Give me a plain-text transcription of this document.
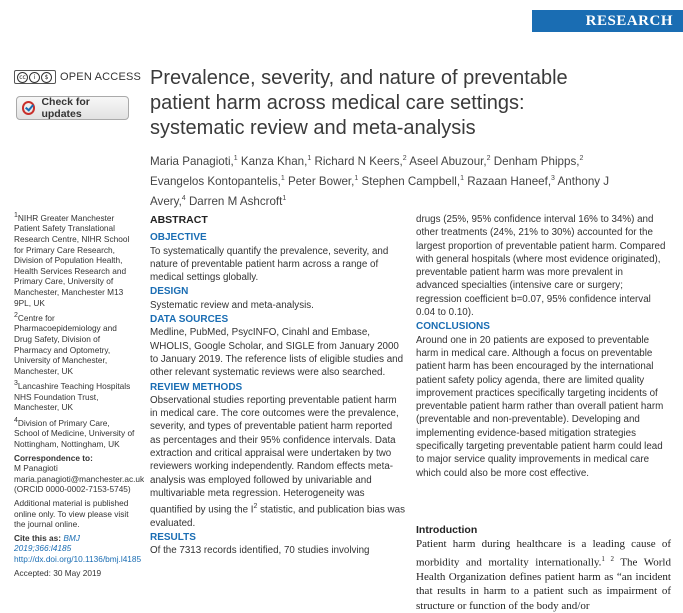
RESEARCH
cc	i	$	OPEN ACCESS
Check for updates
Prevalence, severity, and nature of preventable patient harm across medical care settings: systematic review and meta-analysis
Maria Panagioti,$^1$ Kanza Khan,$^1$ Richard N Keers,$^2$ Aseel Abuzour,$^2$ Denham Phipps,$^2$ Evangelos Kontopantelis,$^1$ Peter Bower,$^1$ Stephen Campbell,$^1$ Razaan Haneef,$^3$ Anthony J Avery,$^4$ Darren M Ashcroft$^1$

$^1$NIHR Greater Manchester Patient Safety Translational Research Centre, NIHR School for Primary Care Research, Division of Population Health, Health Services Research and Primary Care, University of Manchester, Manchester M13 9PL, UK

$^2$Centre for Pharmacoepidemiology and Drug Safety, Division of Pharmacy and Optometry, University of Manchester, Manchester, UK

$^3$Lancashire Teaching Hospitals NHS Foundation Trust, Manchester, UK

$^4$Division of Primary Care, School of Medicine, University of Nottingham, Nottingham, UK

Correspondence to:

M Panagioti maria.panagioti@manchester.ac.uk

(ORCID 0000-0002-7153-5745)

Additional material is published online only. To view please visit the journal online.

Cite this as: BMJ 2019;366:l4185

http://dx.doi.org/10.1136/bmj.l4185

Accepted: 30 May 2019

ABSTRACT

OBJECTIVE

To systematically quantify the prevalence, severity, and nature of preventable patient harm across a range of medical settings globally.

DESIGN

Systematic review and meta-analysis.

DATA SOURCES

Medline, PubMed, PsycINFO, Cinahl and Embase, WHOLIS, Google Scholar, and SIGLE from January 2000 to January 2019. The reference lists of eligible studies and other relevant systematic reviews were also searched.

REVIEW METHODS

Observational studies reporting preventable patient harm in medical care. The core outcomes were the prevalence, severity, and types of preventable patient harm reported as percentages and their 95% confidence intervals. Data extraction and critical appraisal were undertaken by two reviewers working independently. Random effects meta-analysis was employed followed by univariable and multivariable meta regression. Heterogeneity was quantified by using the $I^2$ statistic, and publication bias was evaluated.

RESULTS

Of the 7313 records identified, 70 studies involving

drugs (25%, 95% confidence interval 16% to 34%) and other treatments (24%, 21% to 30%) accounted for the largest proportion of preventable patient harm. Compared with general hospitals (where most evidence originated), preventable patient harm was more prevalent in advanced specialties (intensive care or surgery; regression coefficient b=0.07, 95% confidence interval 0.04 to 0.10).

CONCLUSIONS

Around one in 20 patients are exposed to preventable harm in medical care. Although a focus on preventable patient harm has been encouraged by the international patient safety policy agenda, there are limited quality improvement practices specifically targeting incidents of preventable patient harm rather than overall patient harm (preventable and non-preventable). Developing and implementing evidence-based mitigation strategies specifically targeting preventable patient harm could lead to major service quality improvements in medical care which could also be more cost effective.

Introduction

Patient harm during healthcare is a leading cause of morbidity and mortality internationally.$^{1 2}$ The World Health Organization defines patient harm as “an incident that results in harm to a patient such as impairment of structure or function of the body and/or
